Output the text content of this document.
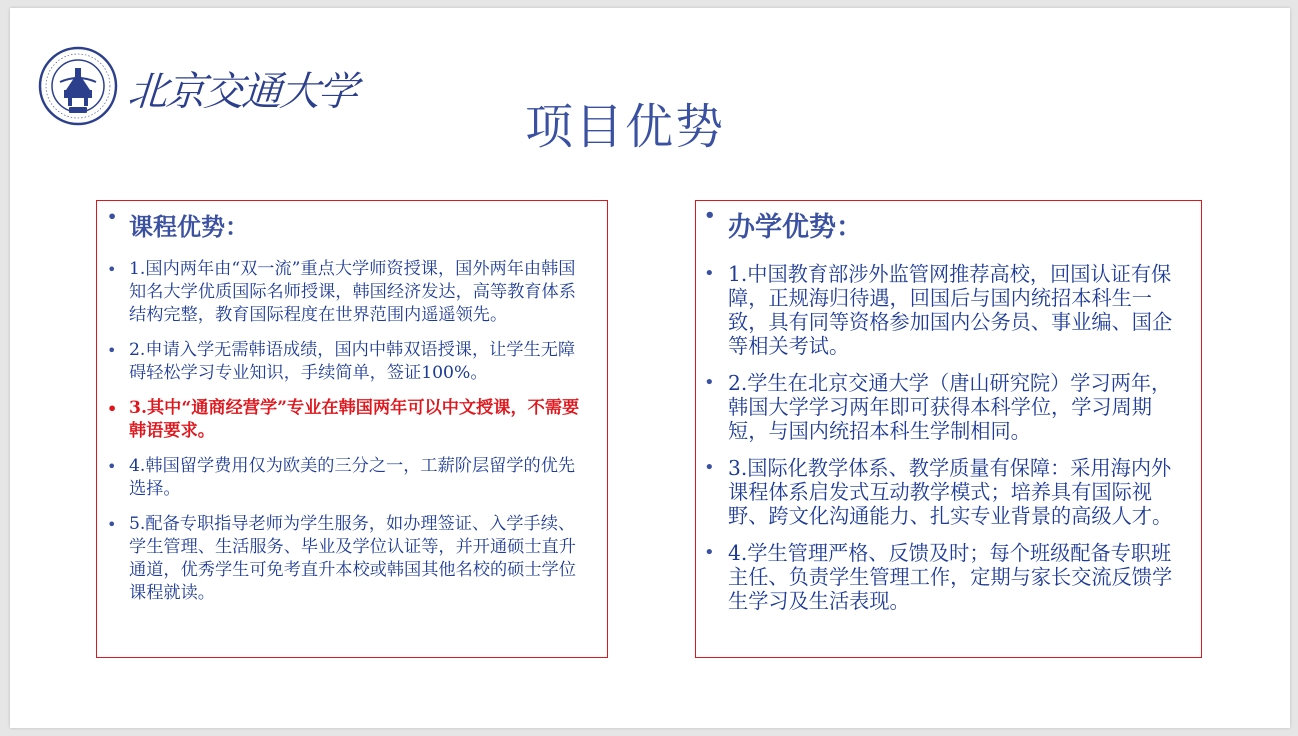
北京交通大学
项目优势
• 课程优势：
• 1.国内两年由“双一流”重点大学师资授课，国外两年由韩国知名大学优质国际名师授课，韩国经济发达，高等教育体系结构完整，教育国际程度在世界范围内遥遥领先。
• 2.申请入学无需韩语成绩，国内中韩双语授课，让学生无障碍轻松学习专业知识，手续简单，签证100%。
• 3.其中“通商经营学”专业在韩国两年可以中文授课，不需要韩语要求。
• 4.韩国留学费用仅为欧美的三分之一，工薪阶层留学的优先选择。
• 5.配备专职指导老师为学生服务，如办理签证、入学手续、学生管理、生活服务、毕业及学位认证等，并开通硕士直升通道，优秀学生可免考直升本校或韩国其他名校的硕士学位课程就读。
• 办学优势：
• 1.中国教育部涉外监管网推荐高校，回国认证有保障，正规海归待遇，回国后与国内统招本科生一致，具有同等资格参加国内公务员、事业编、国企等相关考试。
• 2.学生在北京交通大学（唐山研究院）学习两年，韩国大学学习两年即可获得本科学位，学习周期短，与国内统招本科生学制相同。
• 3.国际化教学体系、教学质量有保障：采用海内外课程体系启发式互动教学模式；培养具有国际视野、跨文化沟通能力、扎实专业背景的高级人才。
• 4.学生管理严格、反馈及时；每个班级配备专职班主任、负责学生管理工作，定期与家长交流反馈学生学习及生活表现。
